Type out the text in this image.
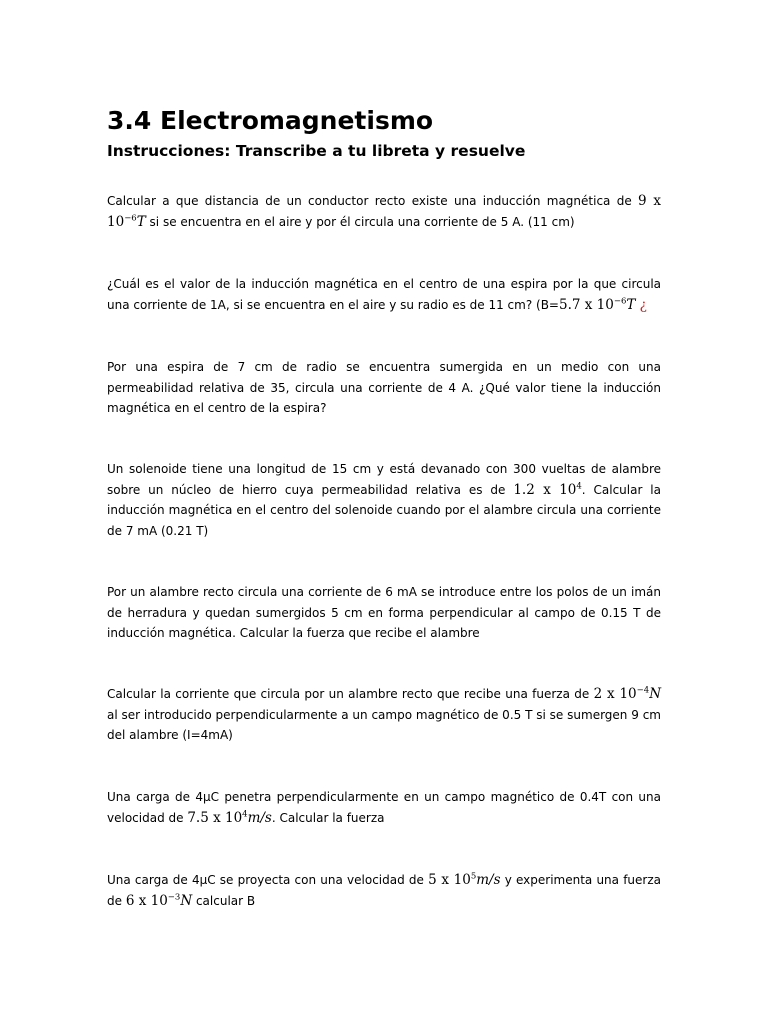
3.4 Electromagnetismo
Instrucciones: Transcribe a tu libreta y resuelve

Calcular a que distancia de un conductor recto existe una inducción magnética de 9 x $10^{-6}T$ si se encuentra en el aire y por él circula una corriente de 5 A. (11 cm)

¿Cuál es el valor de la inducción magnética en el centro de una espira por la que circula una corriente de 1A, si se encuentra en el aire y su radio es de 11 cm? (B=5.7 x $10^{-6}T$ ¿

Por una espira de 7 cm de radio se encuentra sumergida en un medio con una permeabilidad relativa de 35, circula una corriente de 4 A. ¿Qué valor tiene la inducción magnética en el centro de la espira?

Un solenoide tiene una longitud de 15 cm y está devanado con 300 vueltas de alambre sobre un núcleo de hierro cuya permeabilidad relativa es de 1.2 x $10^4$. Calcular la inducción magnética en el centro del solenoide cuando por el alambre circula una corriente de 7 mA (0.21 T)

Por un alambre recto circula una corriente de 6 mA se introduce entre los polos de un imán de herradura y quedan sumergidos 5 cm en forma perpendicular al campo de 0.15 T de inducción magnética. Calcular la fuerza que recibe el alambre

Calcular la corriente que circula por un alambre recto que recibe una fuerza de 2 x $10^{-4}N$ al ser introducido perpendicularmente a un campo magnético de 0.5 T si se sumergen 9 cm del alambre (I=4mA)

Una carga de 4μC penetra perpendicularmente en un campo magnético de 0.4T con una velocidad de 7.5 x $10^4m/s$. Calcular la fuerza

Una carga de 4μC se proyecta con una velocidad de 5 x $10^5m/s$ y experimenta una fuerza de 6 x $10^{-3}N$ calcular B
